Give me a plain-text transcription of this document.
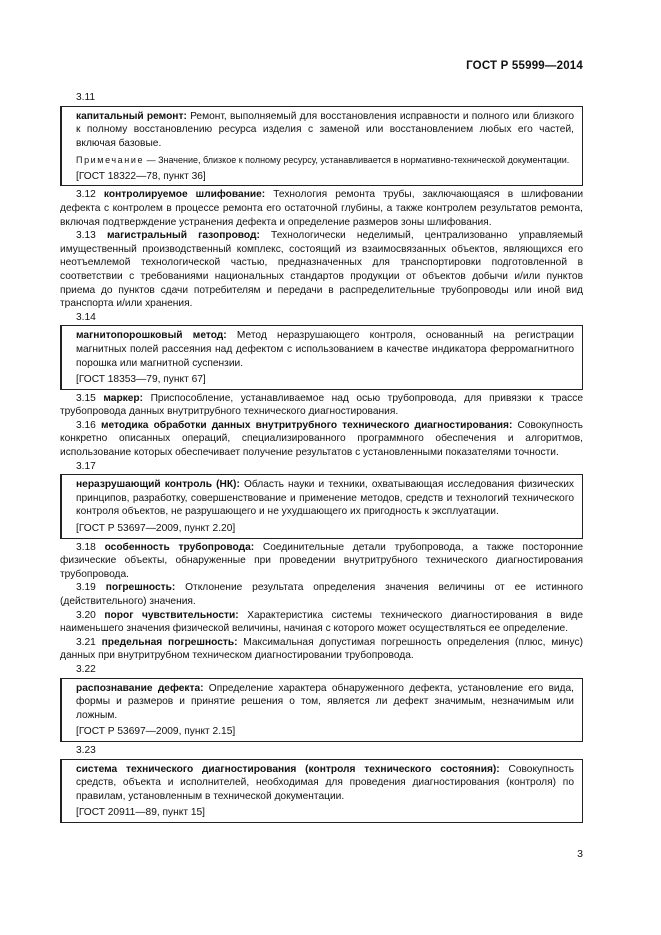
ГОСТ Р 55999—2014
3.11

капитальный ремонт: Ремонт, выполняемый для восстановления исправности и полного или близкого к полному восстановлению ресурса изделия с заменой или восстановлением любых его частей, включая базовые.

Примечание — Значение, близкое к полному ресурсу, устанавливается в нормативно-технической документации.

[ГОСТ 18322—78, пункт 36]

3.12 контролируемое шлифование: Технология ремонта трубы, заключающаяся в шлифовании дефекта с контролем в процессе ремонта его остаточной глубины, а также контролем результатов ремонта, включая подтверждение устранения дефекта и определение размеров зоны шлифования.

3.13 магистральный газопровод: Технологически неделимый, централизованно управляемый имущественный производственный комплекс, состоящий из взаимосвязанных объектов, являющихся его неотъемлемой технологической частью, предназначенных для транспортировки подготовленной в соответствии с требованиями национальных стандартов продукции от объектов добычи и/или пунктов приема до пунктов сдачи потребителям и передачи в распределительные трубопроводы или иной вид транспорта и/или хранения.

3.14

магнитопорошковый метод: Метод неразрушающего контроля, основанный на регистрации магнитных полей рассеяния над дефектом с использованием в качестве индикатора ферромагнитного порошка или магнитной суспензии.

[ГОСТ 18353—79, пункт 67]

3.15 маркер: Приспособление, устанавливаемое над осью трубопровода, для привязки к трассе трубопровода данных внутритрубного технического диагностирования.

3.16 методика обработки данных внутритрубного технического диагностирования: Совокупность конкретно описанных операций, специализированного программного обеспечения и алгоритмов, использование которых обеспечивает получение результатов с установленными показателями точности.

3.17

неразрушающий контроль (НК): Область науки и техники, охватывающая исследования физических принципов, разработку, совершенствование и применение методов, средств и технологий технического контроля объектов, не разрушающего и не ухудшающего их пригодность к эксплуатации.

[ГОСТ Р 53697—2009, пункт 2.20]

3.18 особенность трубопровода: Соединительные детали трубопровода, а также посторонние физические объекты, обнаруженные при проведении внутритрубного технического диагностирования трубопровода.

3.19 погрешность: Отклонение результата определения значения величины от ее истинного (действительного) значения.

3.20 порог чувствительности: Характеристика системы технического диагностирования в виде наименьшего значения физической величины, начиная с которого может осуществляться ее определение.

3.21 предельная погрешность: Максимальная допустимая погрешность определения (плюс, минус) данных при внутритрубном техническом диагностировании трубопровода.

3.22

распознавание дефекта: Определение характера обнаруженного дефекта, установление его вида, формы и размеров и принятие решения о том, является ли дефект значимым, незначимым или ложным.

[ГОСТ Р 53697—2009, пункт 2.15]

3.23

система технического диагностирования (контроля технического состояния): Совокупность средств, объекта и исполнителей, необходимая для проведения диагностирования (контроля) по правилам, установленным в технической документации.

[ГОСТ 20911—89, пункт 15]

3
